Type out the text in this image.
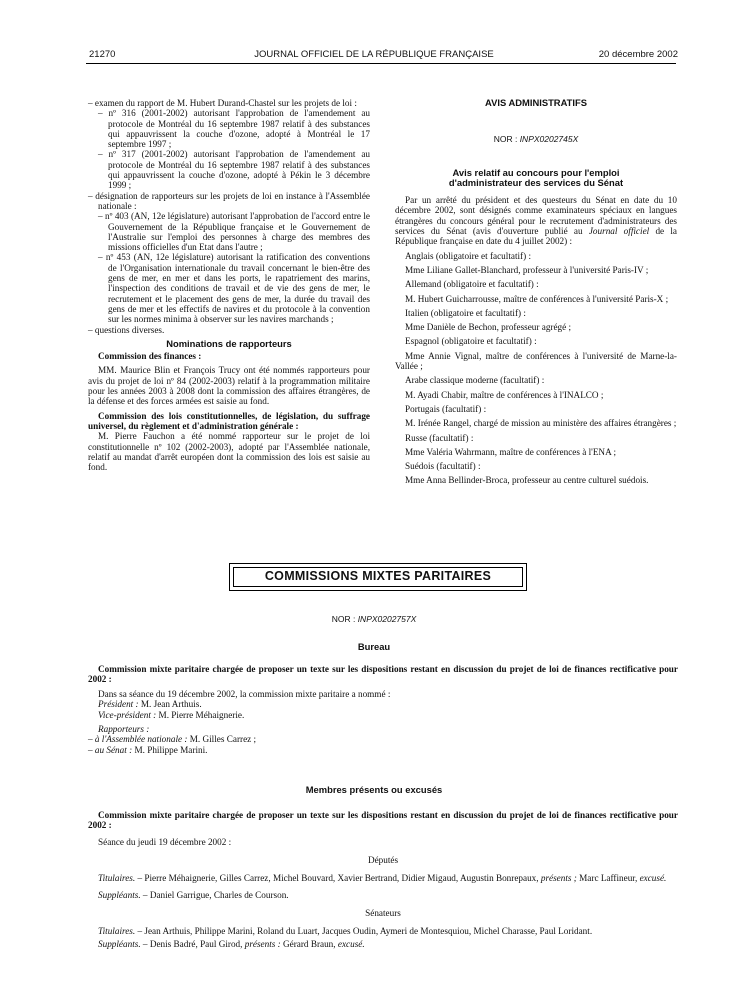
21270	JOURNAL OFFICIEL DE LA RÉPUBLIQUE FRANÇAISE	20 décembre 2002

– examen du rapport de M. Hubert Durand-Chastel sur les projets de loi :

– nº 316 (2001-2002) autorisant l'approbation de l'amendement au protocole de Montréal du 16 septembre 1987 relatif à des substances qui appauvrissent la couche d'ozone, adopté à Montréal le 17 septembre 1997 ;

– nº 317 (2001-2002) autorisant l'approbation de l'amendement au protocole de Montréal du 16 septembre 1987 relatif à des substances qui appauvrissent la couche d'ozone, adopté à Pékin le 3 décembre 1999 ;

– désignation de rapporteurs sur les projets de loi en instance à l'Assemblée nationale :

– nº 403 (AN, 12e législature) autorisant l'approbation de l'accord entre le Gouvernement de la République française et le Gouvernement de l'Australie sur l'emploi des personnes à charge des membres des missions officielles d'un Etat dans l'autre ;

– nº 453 (AN, 12e législature) autorisant la ratification des conventions de l'Organisation internationale du travail concernant le bien-être des gens de mer, en mer et dans les ports, le rapatriement des marins, l'inspection des conditions de travail et de vie des gens de mer, le recrutement et le placement des gens de mer, la durée du travail des gens de mer et les effectifs de navires et du protocole à la convention sur les normes minima à observer sur les navires marchands ;

– questions diverses.

Nominations de rapporteurs

Commission des finances :

MM. Maurice Blin et François Trucy ont été nommés rapporteurs pour avis du projet de loi nº 84 (2002-2003) relatif à la programmation militaire pour les années 2003 à 2008 dont la commission des affaires étrangères, de la défense et des forces armées est saisie au fond.

Commission des lois constitutionnelles, de législation, du suffrage universel, du règlement et d'administration générale :

M. Pierre Fauchon a été nommé rapporteur sur le projet de loi constitutionnelle nº 102 (2002-2003), adopté par l'Assemblée nationale, relatif au mandat d'arrêt européen dont la commission des lois est saisie au fond.

AVIS ADMINISTRATIFS

NOR : INPX0202745X

Avis relatif au concours pour l'emploi d'administrateur des services du Sénat

Par un arrêté du président et des questeurs du Sénat en date du 10 décembre 2002, sont désignés comme examinateurs spéciaux en langues étrangères du concours général pour le recrutement d'administrateurs des services du Sénat (avis d'ouverture publié au Journal officiel de la République française en date du 4 juillet 2002) :

Anglais (obligatoire et facultatif) :

Mme Liliane Gallet-Blanchard, professeur à l'université Paris-IV ;

Allemand (obligatoire et facultatif) :

M. Hubert Guicharrousse, maître de conférences à l'université Paris-X ;

Italien (obligatoire et facultatif) :

Mme Danièle de Bechon, professeur agrégé ;

Espagnol (obligatoire et facultatif) :

Mme Annie Vignal, maître de conférences à l'université de Marne-la-Vallée ;

Arabe classique moderne (facultatif) :

M. Ayadi Chabir, maître de conférences à l'INALCO ;

Portugais (facultatif) :

M. Irénée Rangel, chargé de mission au ministère des affaires étrangères ;

Russe (facultatif) :

Mme Valéria Wahrmann, maître de conférences à l'ENA ;

Suédois (facultatif) :

Mme Anna Bellinder-Broca, professeur au centre culturel suédois.

COMMISSIONS MIXTES PARITAIRES
NOR : INPX0202757X
Bureau

Commission mixte paritaire chargée de proposer un texte sur les dispositions restant en discussion du projet de loi de finances rectificative pour 2002 :

Dans sa séance du 19 décembre 2002, la commission mixte paritaire a nommé :

Président : M. Jean Arthuis.

Vice-président : M. Pierre Méhaignerie.

Rapporteurs :

– à l'Assemblée nationale : M. Gilles Carrez ;

– au Sénat : M. Philippe Marini.

Membres présents ou excusés

Commission mixte paritaire chargée de proposer un texte sur les dispositions restant en discussion du projet de loi de finances rectificative pour 2002 :

Séance du jeudi 19 décembre 2002 :

Députés

Titulaires. – Pierre Méhaignerie, Gilles Carrez, Michel Bouvard, Xavier Bertrand, Didier Migaud, Augustin Bonrepaux, présents ; Marc Laffineur, excusé.

Suppléants. – Daniel Garrigue, Charles de Courson.

Sénateurs

Titulaires. – Jean Arthuis, Philippe Marini, Roland du Luart, Jacques Oudin, Aymeri de Montesquiou, Michel Charasse, Paul Loridant.

Suppléants. – Denis Badré, Paul Girod, présents : Gérard Braun, excusé.
